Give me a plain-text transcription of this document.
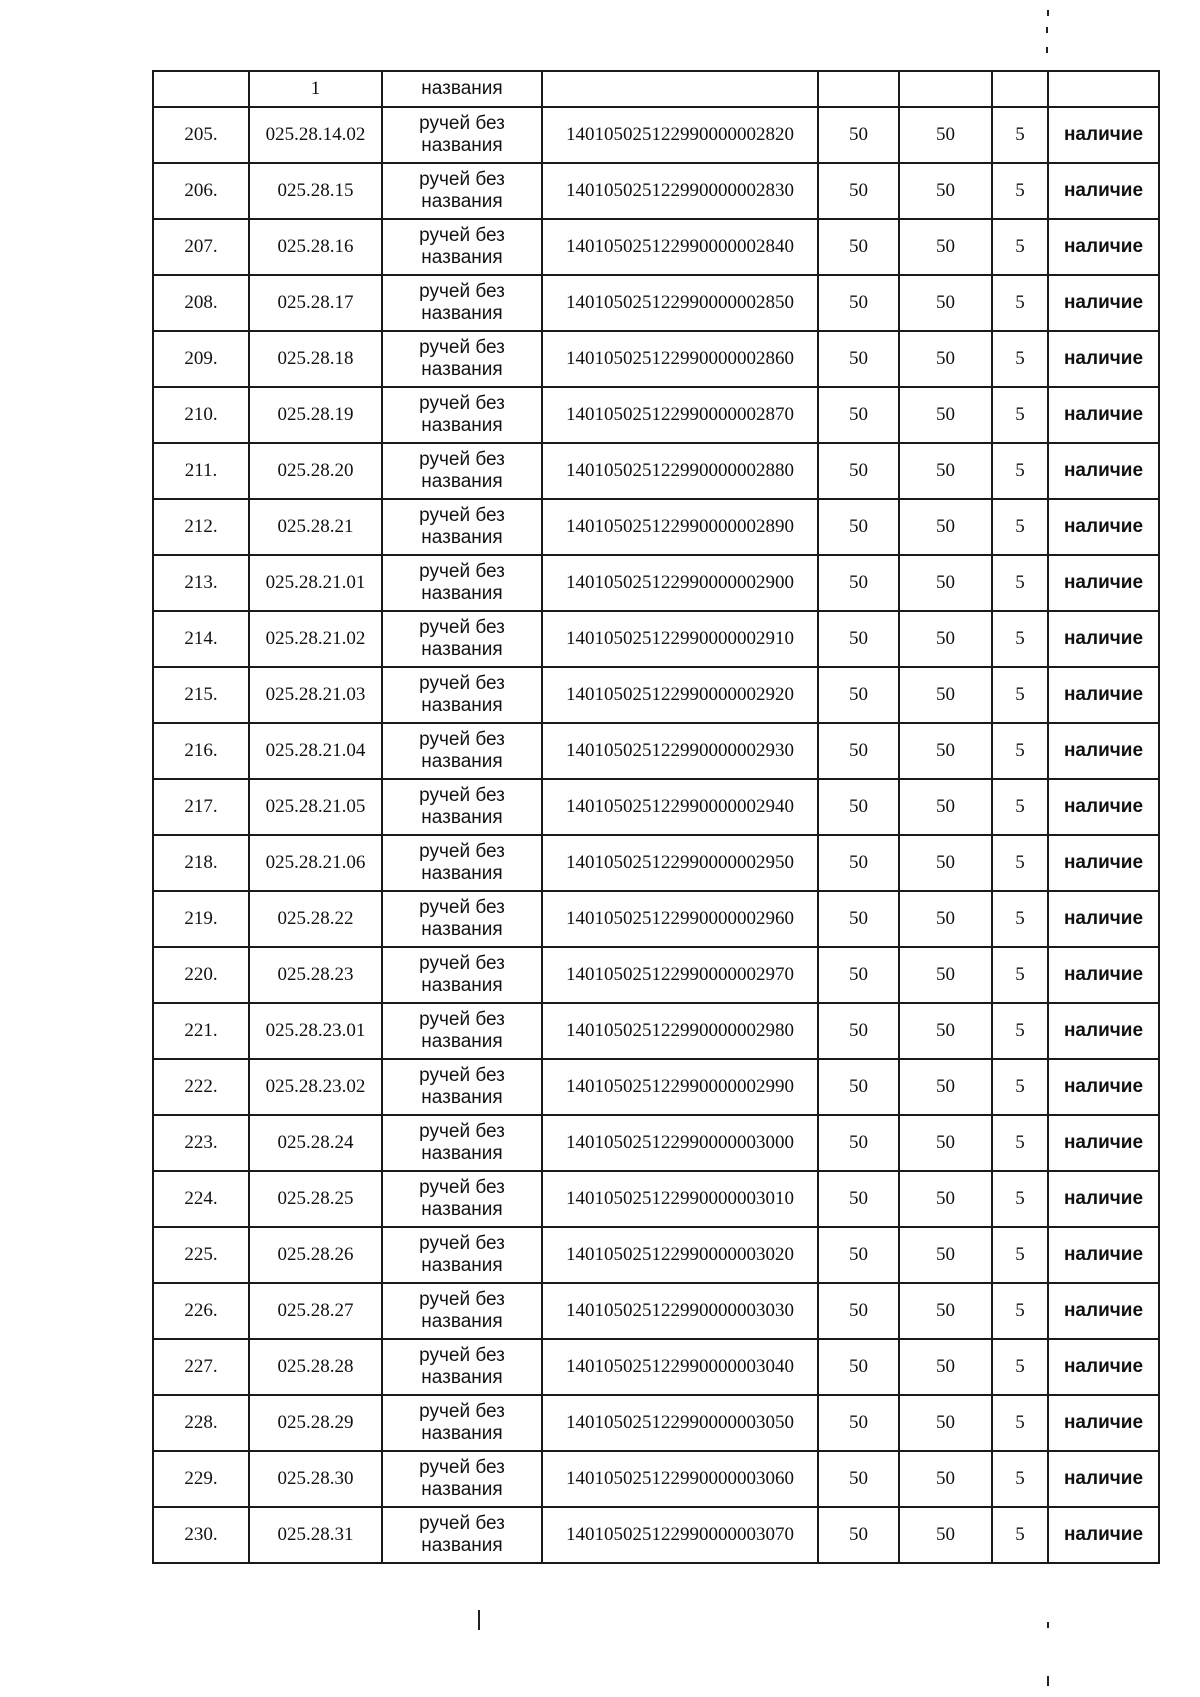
	1	названия					
205.	025.28.14.02	ручей без названия	140105025122990000002820	50	50	5	наличие
206.	025.28.15	ручей без названия	140105025122990000002830	50	50	5	наличие
207.	025.28.16	ручей без названия	140105025122990000002840	50	50	5	наличие
208.	025.28.17	ручей без названия	140105025122990000002850	50	50	5	наличие
209.	025.28.18	ручей без названия	140105025122990000002860	50	50	5	наличие
210.	025.28.19	ручей без названия	140105025122990000002870	50	50	5	наличие
211.	025.28.20	ручей без названия	140105025122990000002880	50	50	5	наличие
212.	025.28.21	ручей без названия	140105025122990000002890	50	50	5	наличие
213.	025.28.21.01	ручей без названия	140105025122990000002900	50	50	5	наличие
214.	025.28.21.02	ручей без названия	140105025122990000002910	50	50	5	наличие
215.	025.28.21.03	ручей без названия	140105025122990000002920	50	50	5	наличие
216.	025.28.21.04	ручей без названия	140105025122990000002930	50	50	5	наличие
217.	025.28.21.05	ручей без названия	140105025122990000002940	50	50	5	наличие
218.	025.28.21.06	ручей без названия	140105025122990000002950	50	50	5	наличие
219.	025.28.22	ручей без названия	140105025122990000002960	50	50	5	наличие
220.	025.28.23	ручей без названия	140105025122990000002970	50	50	5	наличие
221.	025.28.23.01	ручей без названия	140105025122990000002980	50	50	5	наличие
222.	025.28.23.02	ручей без названия	140105025122990000002990	50	50	5	наличие
223.	025.28.24	ручей без названия	140105025122990000003000	50	50	5	наличие
224.	025.28.25	ручей без названия	140105025122990000003010	50	50	5	наличие
225.	025.28.26	ручей без названия	140105025122990000003020	50	50	5	наличие
226.	025.28.27	ручей без названия	140105025122990000003030	50	50	5	наличие
227.	025.28.28	ручей без названия	140105025122990000003040	50	50	5	наличие
228.	025.28.29	ручей без названия	140105025122990000003050	50	50	5	наличие
229.	025.28.30	ручей без названия	140105025122990000003060	50	50	5	наличие
230.	025.28.31	ручей без названия	140105025122990000003070	50	50	5	наличие
